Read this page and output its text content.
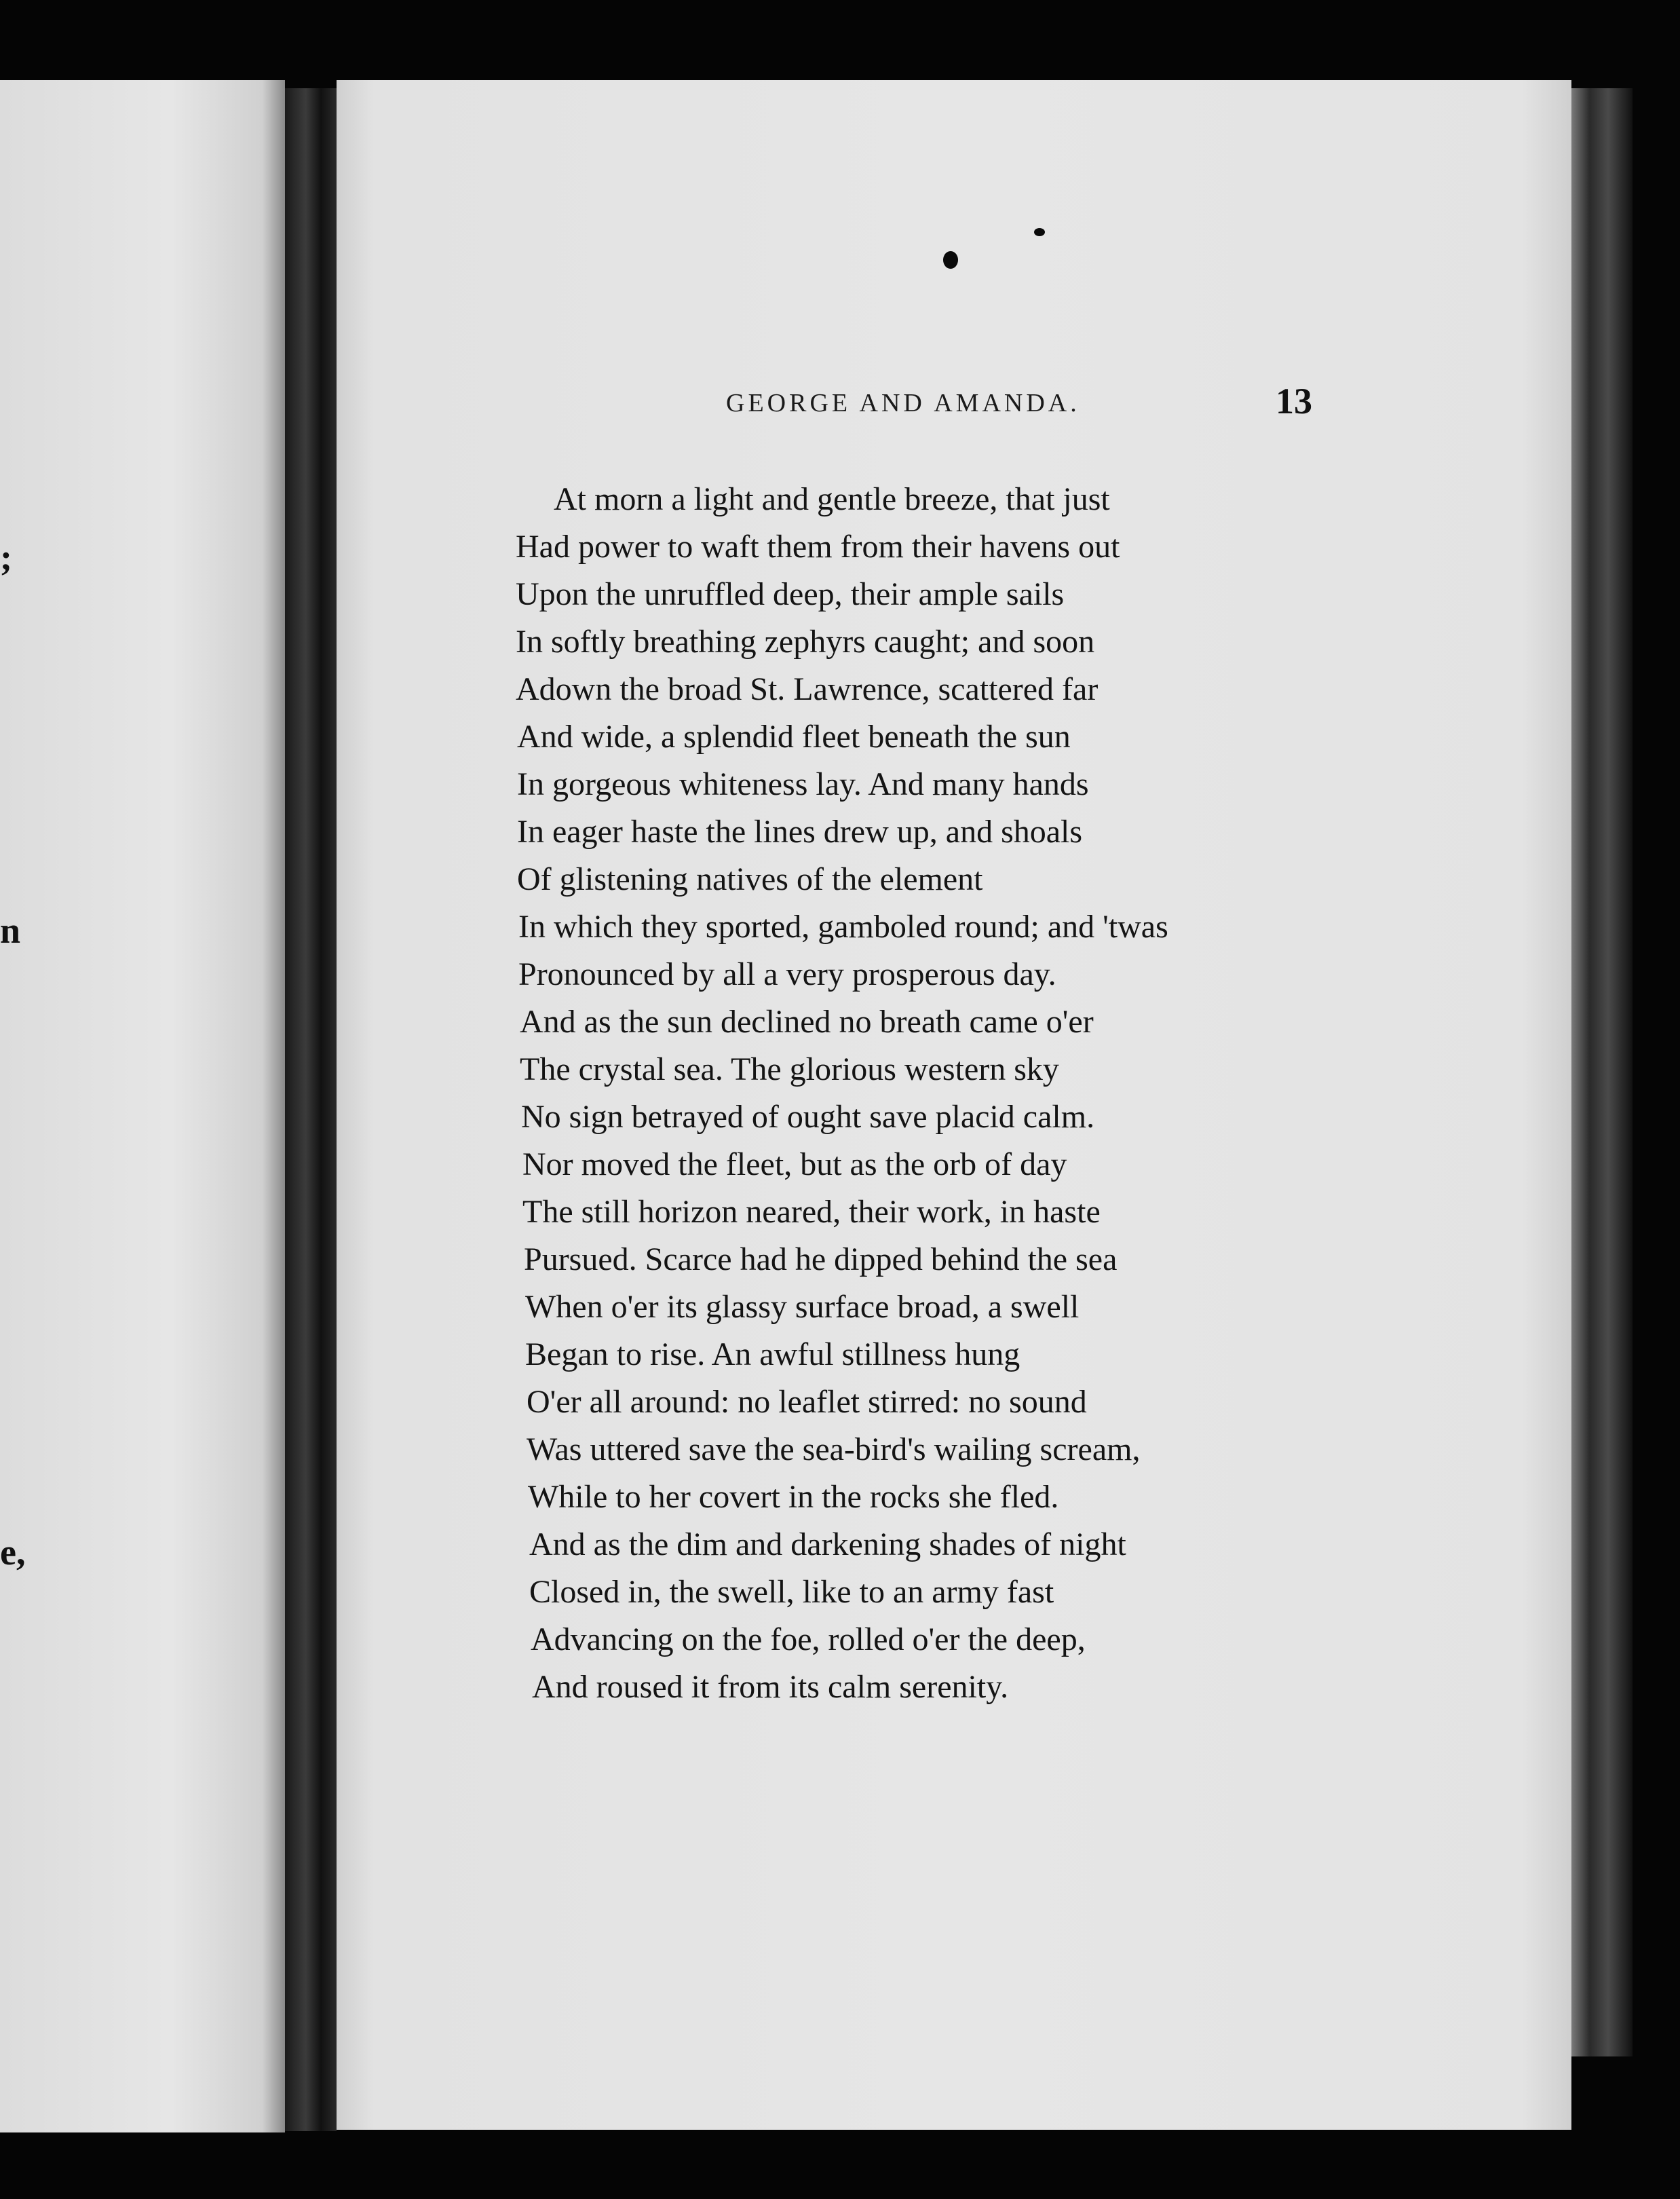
;
n
e,
GEORGE AND AMANDA.	13
At morn a light and gentle breeze, that just
Had power to waft them from their havens out
Upon the unruffled deep, their ample sails
In softly breathing zephyrs caught; and soon
Adown the broad St. Lawrence, scattered far
And wide, a splendid fleet beneath the sun
In gorgeous whiteness lay. And many hands
In eager haste the lines drew up, and shoals
Of glistening natives of the element
In which they sported, gamboled round; and 'twas
Pronounced by all a very prosperous day.
And as the sun declined no breath came o'er
The crystal sea. The glorious western sky
No sign betrayed of ought save placid calm.
Nor moved the fleet, but as the orb of day
The still horizon neared, their work, in haste
Pursued. Scarce had he dipped behind the sea
When o'er its glassy surface broad, a swell
Began to rise. An awful stillness hung
O'er all around: no leaflet stirred: no sound
Was uttered save the sea-bird's wailing scream,
While to her covert in the rocks she fled.
And as the dim and darkening shades of night
Closed in, the swell, like to an army fast
Advancing on the foe, rolled o'er the deep,
And roused it from its calm serenity.
